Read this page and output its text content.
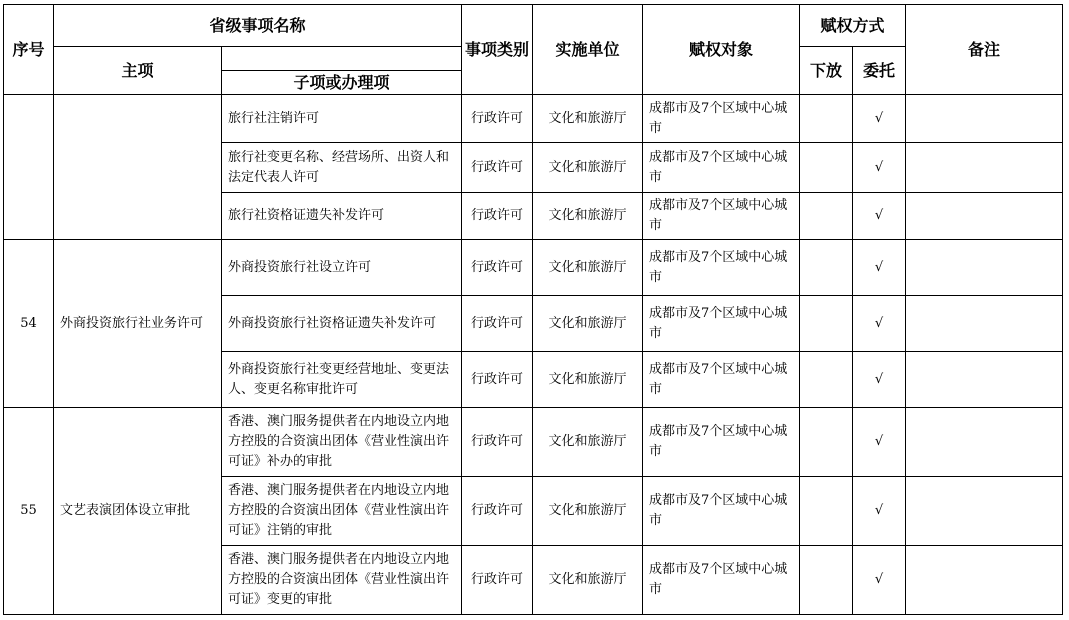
序号	省级事项名称		事项类别	实施单位	赋权对象	赋权方式		备注
	主项					下放	委托	
		子项或办理项						
		旅行社注销许可	行政许可	文化和旅游厅	成都市及7个区域中心城市		√	
		旅行社变更名称、经营场所、出资人和法定代表人许可	行政许可	文化和旅游厅	成都市及7个区域中心城市		√	
		旅行社资格证遗失补发许可	行政许可	文化和旅游厅	成都市及7个区域中心城市		√	
54	外商投资旅行社业务许可	外商投资旅行社设立许可	行政许可	文化和旅游厅	成都市及7个区域中心城市		√	
		外商投资旅行社资格证遗失补发许可	行政许可	文化和旅游厅	成都市及7个区域中心城市		√	
		外商投资旅行社变更经营地址、变更法人、变更名称审批许可	行政许可	文化和旅游厅	成都市及7个区域中心城市		√	
55	文艺表演团体设立审批	香港、澳门服务提供者在内地设立内地方控股的合资演出团体《营业性演出许可证》补办的审批	行政许可	文化和旅游厅	成都市及7个区域中心城市		√	
		香港、澳门服务提供者在内地设立内地方控股的合资演出团体《营业性演出许可证》注销的审批	行政许可	文化和旅游厅	成都市及7个区域中心城市		√	
		香港、澳门服务提供者在内地设立内地方控股的合资演出团体《营业性演出许可证》变更的审批	行政许可	文化和旅游厅	成都市及7个区域中心城市		√	
